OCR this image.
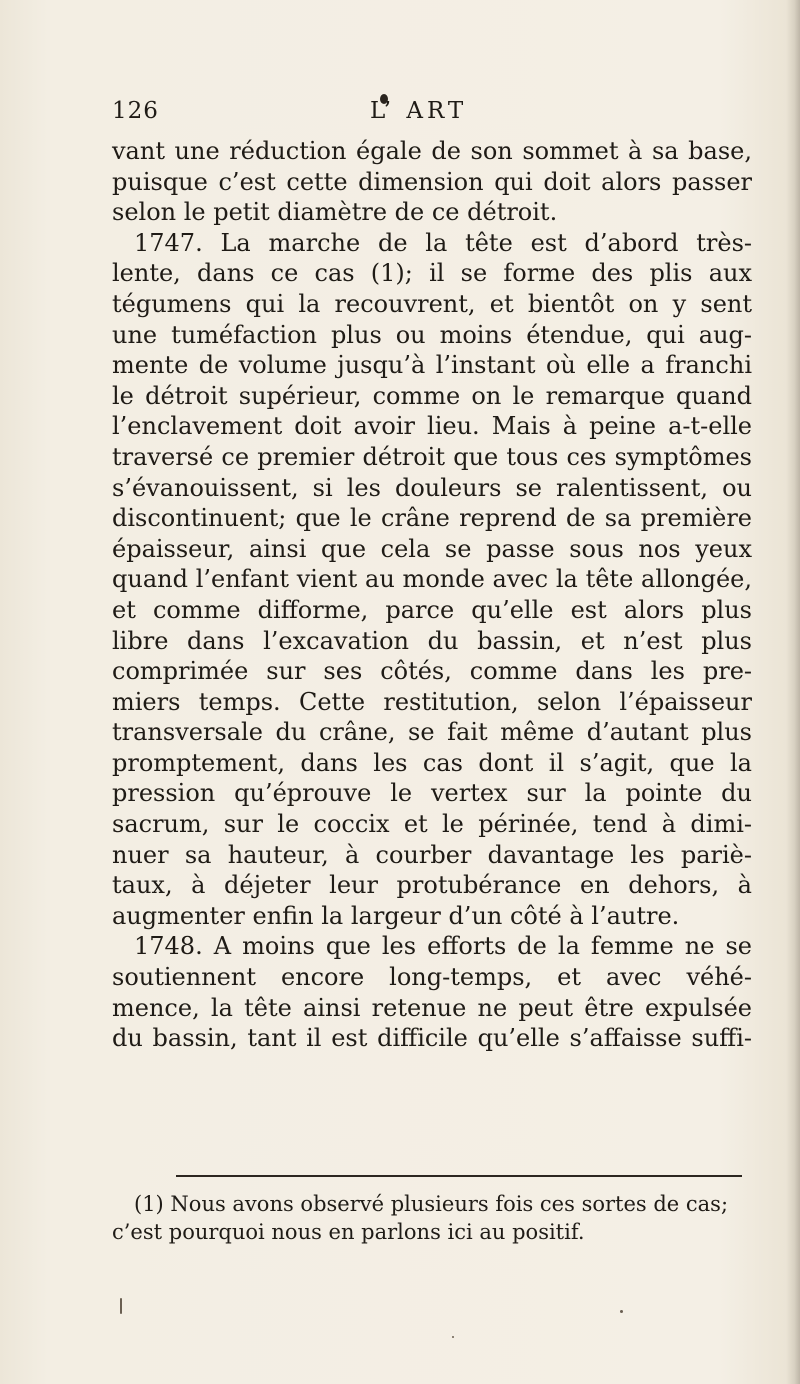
126	L’ ART
vant une réduction égale de son sommet à sa base,
puisque c’est cette dimension qui doit alors passer
selon le petit diamètre de ce détroit.
1747. La marche de la tête est d’abord très-
lente, dans ce cas (1); il se forme des plis aux
tégumens qui la recouvrent, et bientôt on y sent
une tuméfaction plus ou moins étendue, qui aug-
mente de volume jusqu’à l’instant où elle a franchi
le détroit supérieur, comme on le remarque quand
l’enclavement doit avoir lieu. Mais à peine a-t-elle
traversé ce premier détroit que tous ces symptômes
s’évanouissent, si les douleurs se ralentissent, ou
discontinuent; que le crâne reprend de sa première
épaisseur, ainsi que cela se passe sous nos yeux
quand l’enfant vient au monde avec la tête allongée,
et comme difforme, parce qu’elle est alors plus
libre dans l’excavation du bassin, et n’est plus
comprimée sur ses côtés, comme dans les pre-
miers temps. Cette restitution, selon l’épaisseur
transversale du crâne, se fait même d’autant plus
promptement, dans les cas dont il s’agit, que la
pression qu’éprouve le vertex sur la pointe du
sacrum, sur le coccix et le périnée, tend à dimi-
nuer sa hauteur, à courber davantage les pariè-
taux, à déjeter leur protubérance en dehors, à
augmenter enfin la largeur d’un côté à l’autre.
1748. A moins que les efforts de la femme ne se
soutiennent encore long-temps, et avec véhé-
mence, la tête ainsi retenue ne peut être expulsée
du bassin, tant il est difficile qu’elle s’affaisse suffi-
(1) Nous avons observé plusieurs fois ces sortes de cas;
c’est pourquoi nous en parlons ici au positif.
